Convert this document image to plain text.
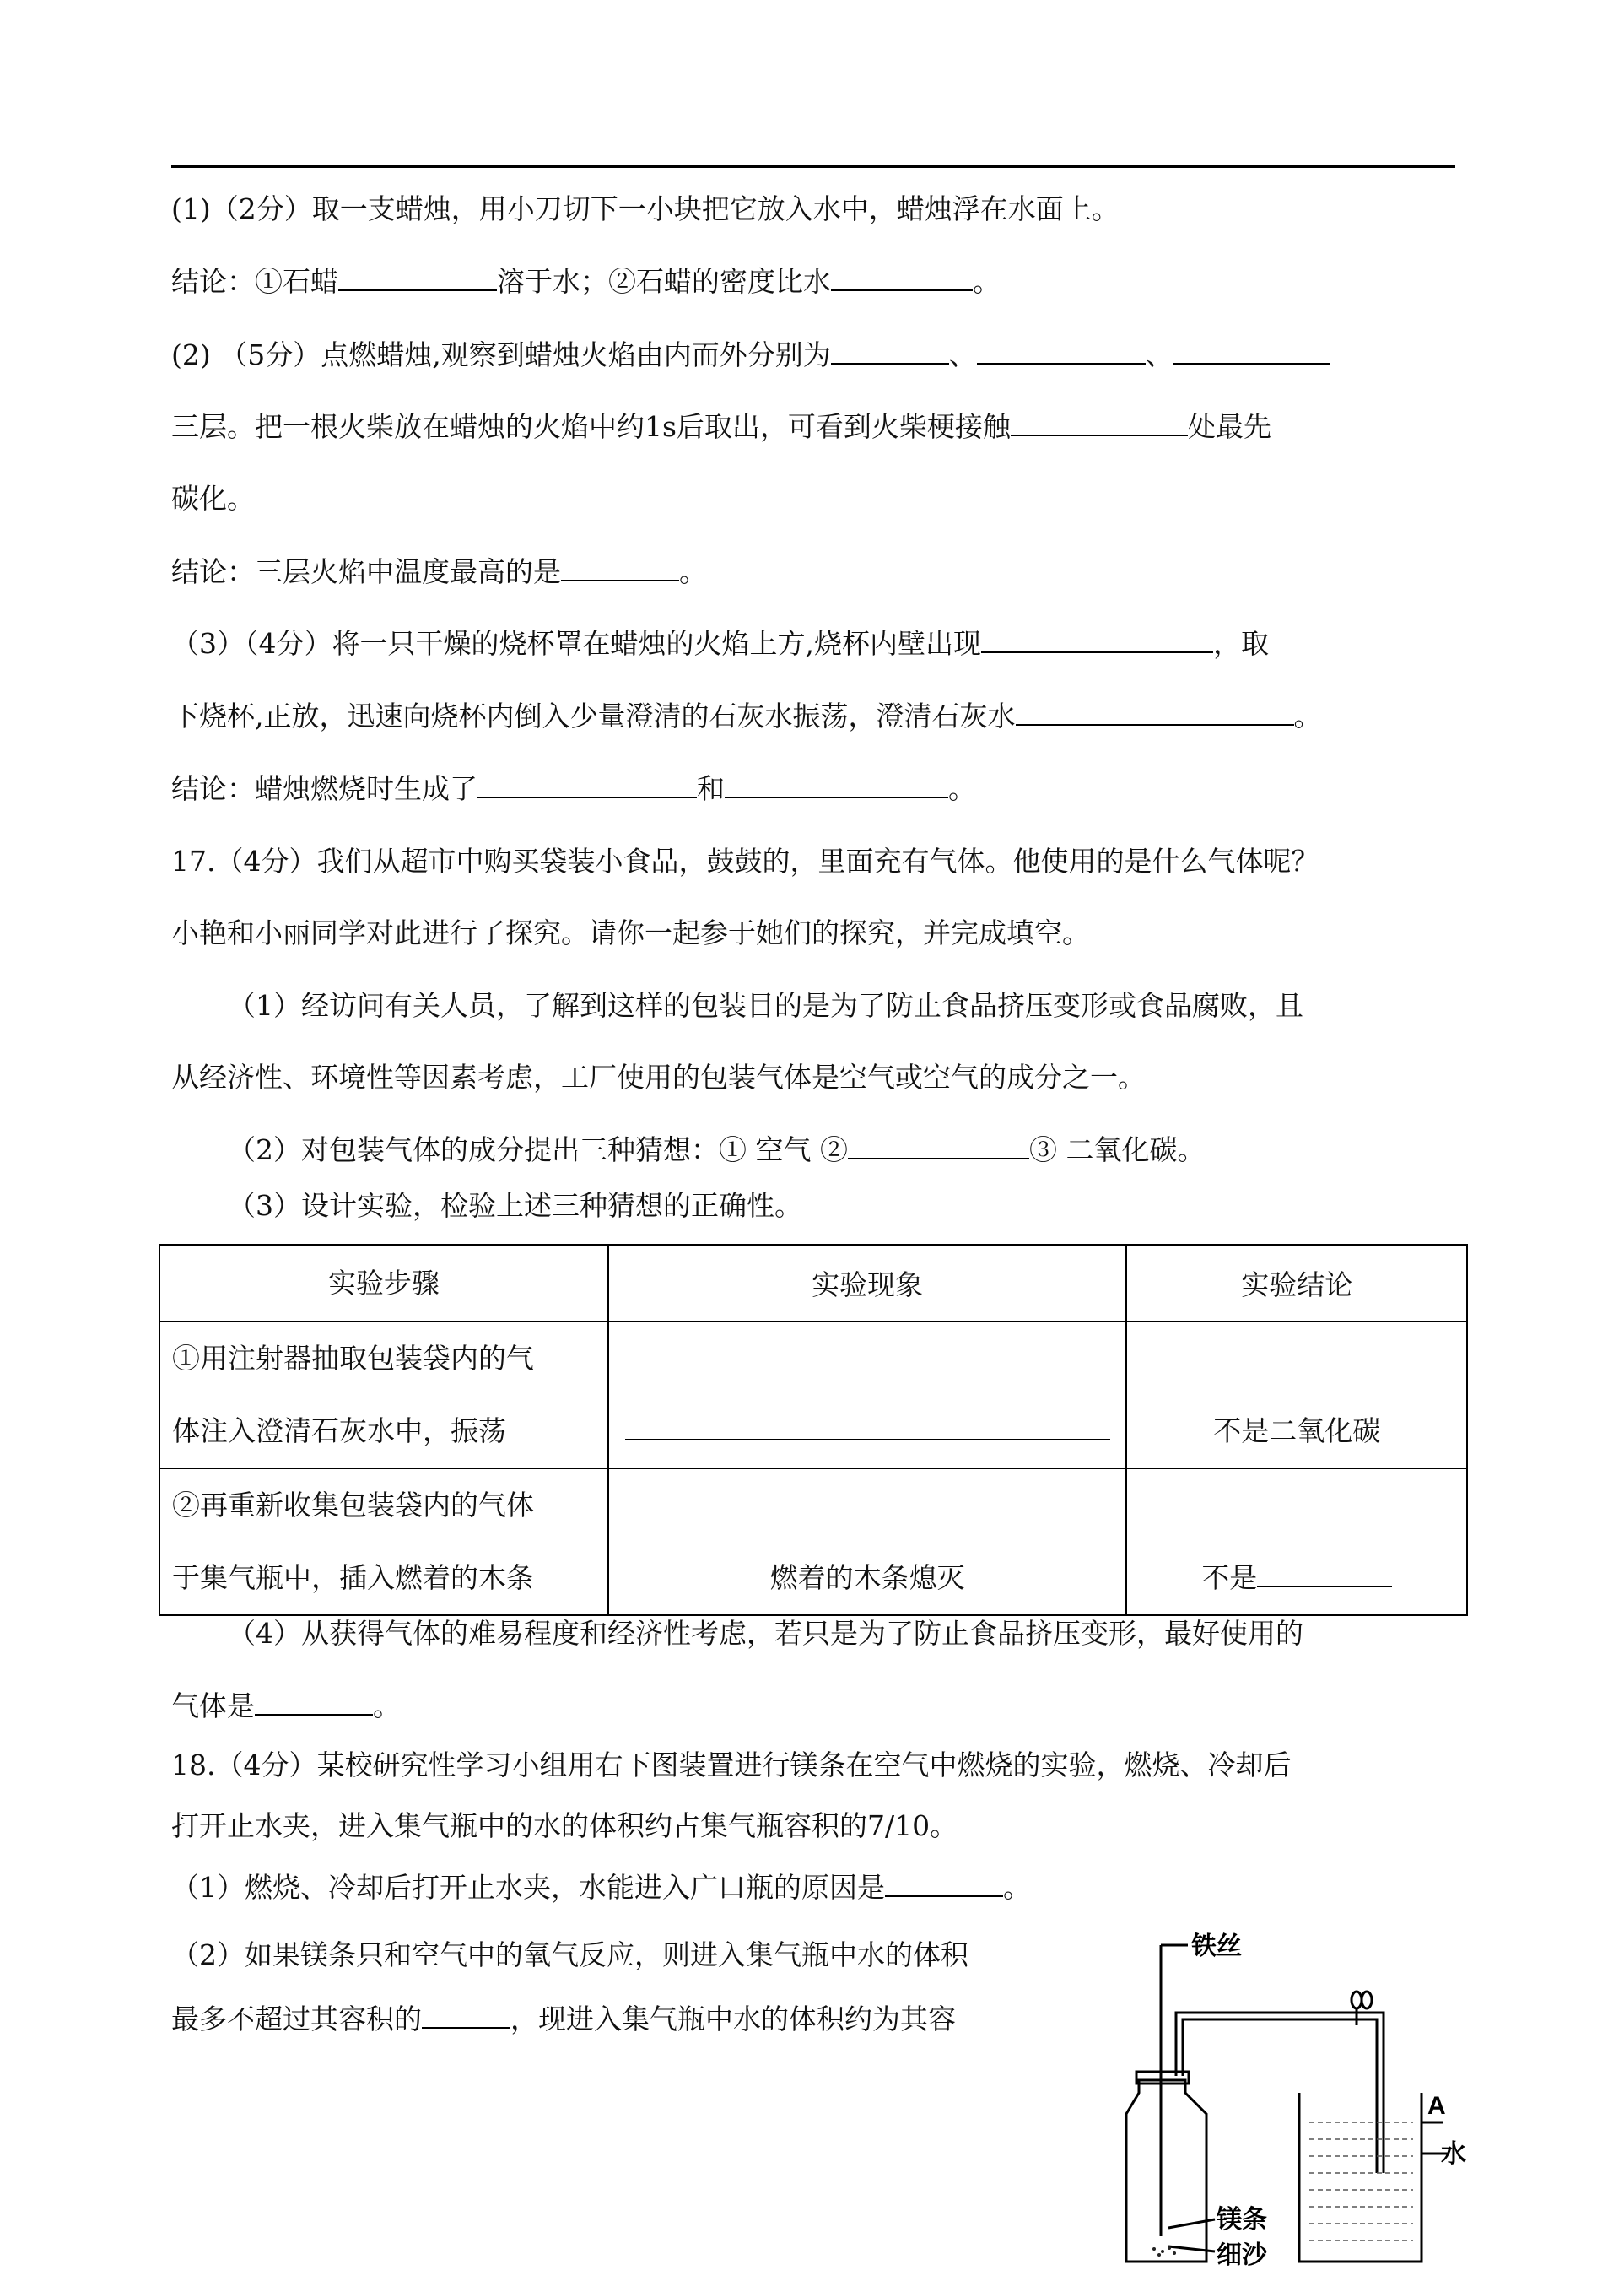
(1)（2分）取一支蜡烛，用小刀切下一小块把它放入水中，蜡烛浮在水面上。
结论：①石蜡	溶于水；②石蜡的密度比水	。
(2) （5分）点燃蜡烛,观察到蜡烛火焰由内而外分别为	、	、
三层。把一根火柴放在蜡烛的火焰中约1s后取出，可看到火柴梗接触	处最先
碳化。
结论：三层火焰中温度最高的是	。
（3）（4分）将一只干燥的烧杯罩在蜡烛的火焰上方,烧杯内壁出现	，取
下烧杯,正放，迅速向烧杯内倒入少量澄清的石灰水振荡，澄清石灰水	。
结论：蜡烛燃烧时生成了	和	。
17.（4分）我们从超市中购买袋装小食品，鼓鼓的，里面充有气体。他使用的是什么气体呢？
小艳和小丽同学对此进行了探究。请你一起参于她们的探究，并完成填空。
（1）经访问有关人员，了解到这样的包装目的是为了防止食品挤压变形或食品腐败，且
从经济性、环境性等因素考虑，工厂使用的包装气体是空气或空气的成分之一。
（2）对包装气体的成分提出三种猜想：① 空气 ②	③ 二氧化碳。
（3）设计实验，检验上述三种猜想的正确性。
实验步骤	实验现象	实验结论

①用注射器抽取包装袋内的气
体注入澄清石灰水中，振荡		不是二氧化碳

②再重新收集包装袋内的气体
于集气瓶中，插入燃着的木条	燃着的木条熄灭	不是
（4）从获得气体的难易程度和经济性考虑，若只是为了防止食品挤压变形，最好使用的
气体是	。
18.（4分）某校研究性学习小组用右下图装置进行镁条在空气中燃烧的实验，燃烧、冷却后
打开止水夹，进入集气瓶中的水的体积约占集气瓶容积的7/10。
（1）燃烧、冷却后打开止水夹，水能进入广口瓶的原因是	。
（2）如果镁条只和空气中的氧气反应，则进入集气瓶中水的体积
最多不超过其容积的	，现进入集气瓶中水的体积约为其容
铁丝
A
水
镁条
细沙
